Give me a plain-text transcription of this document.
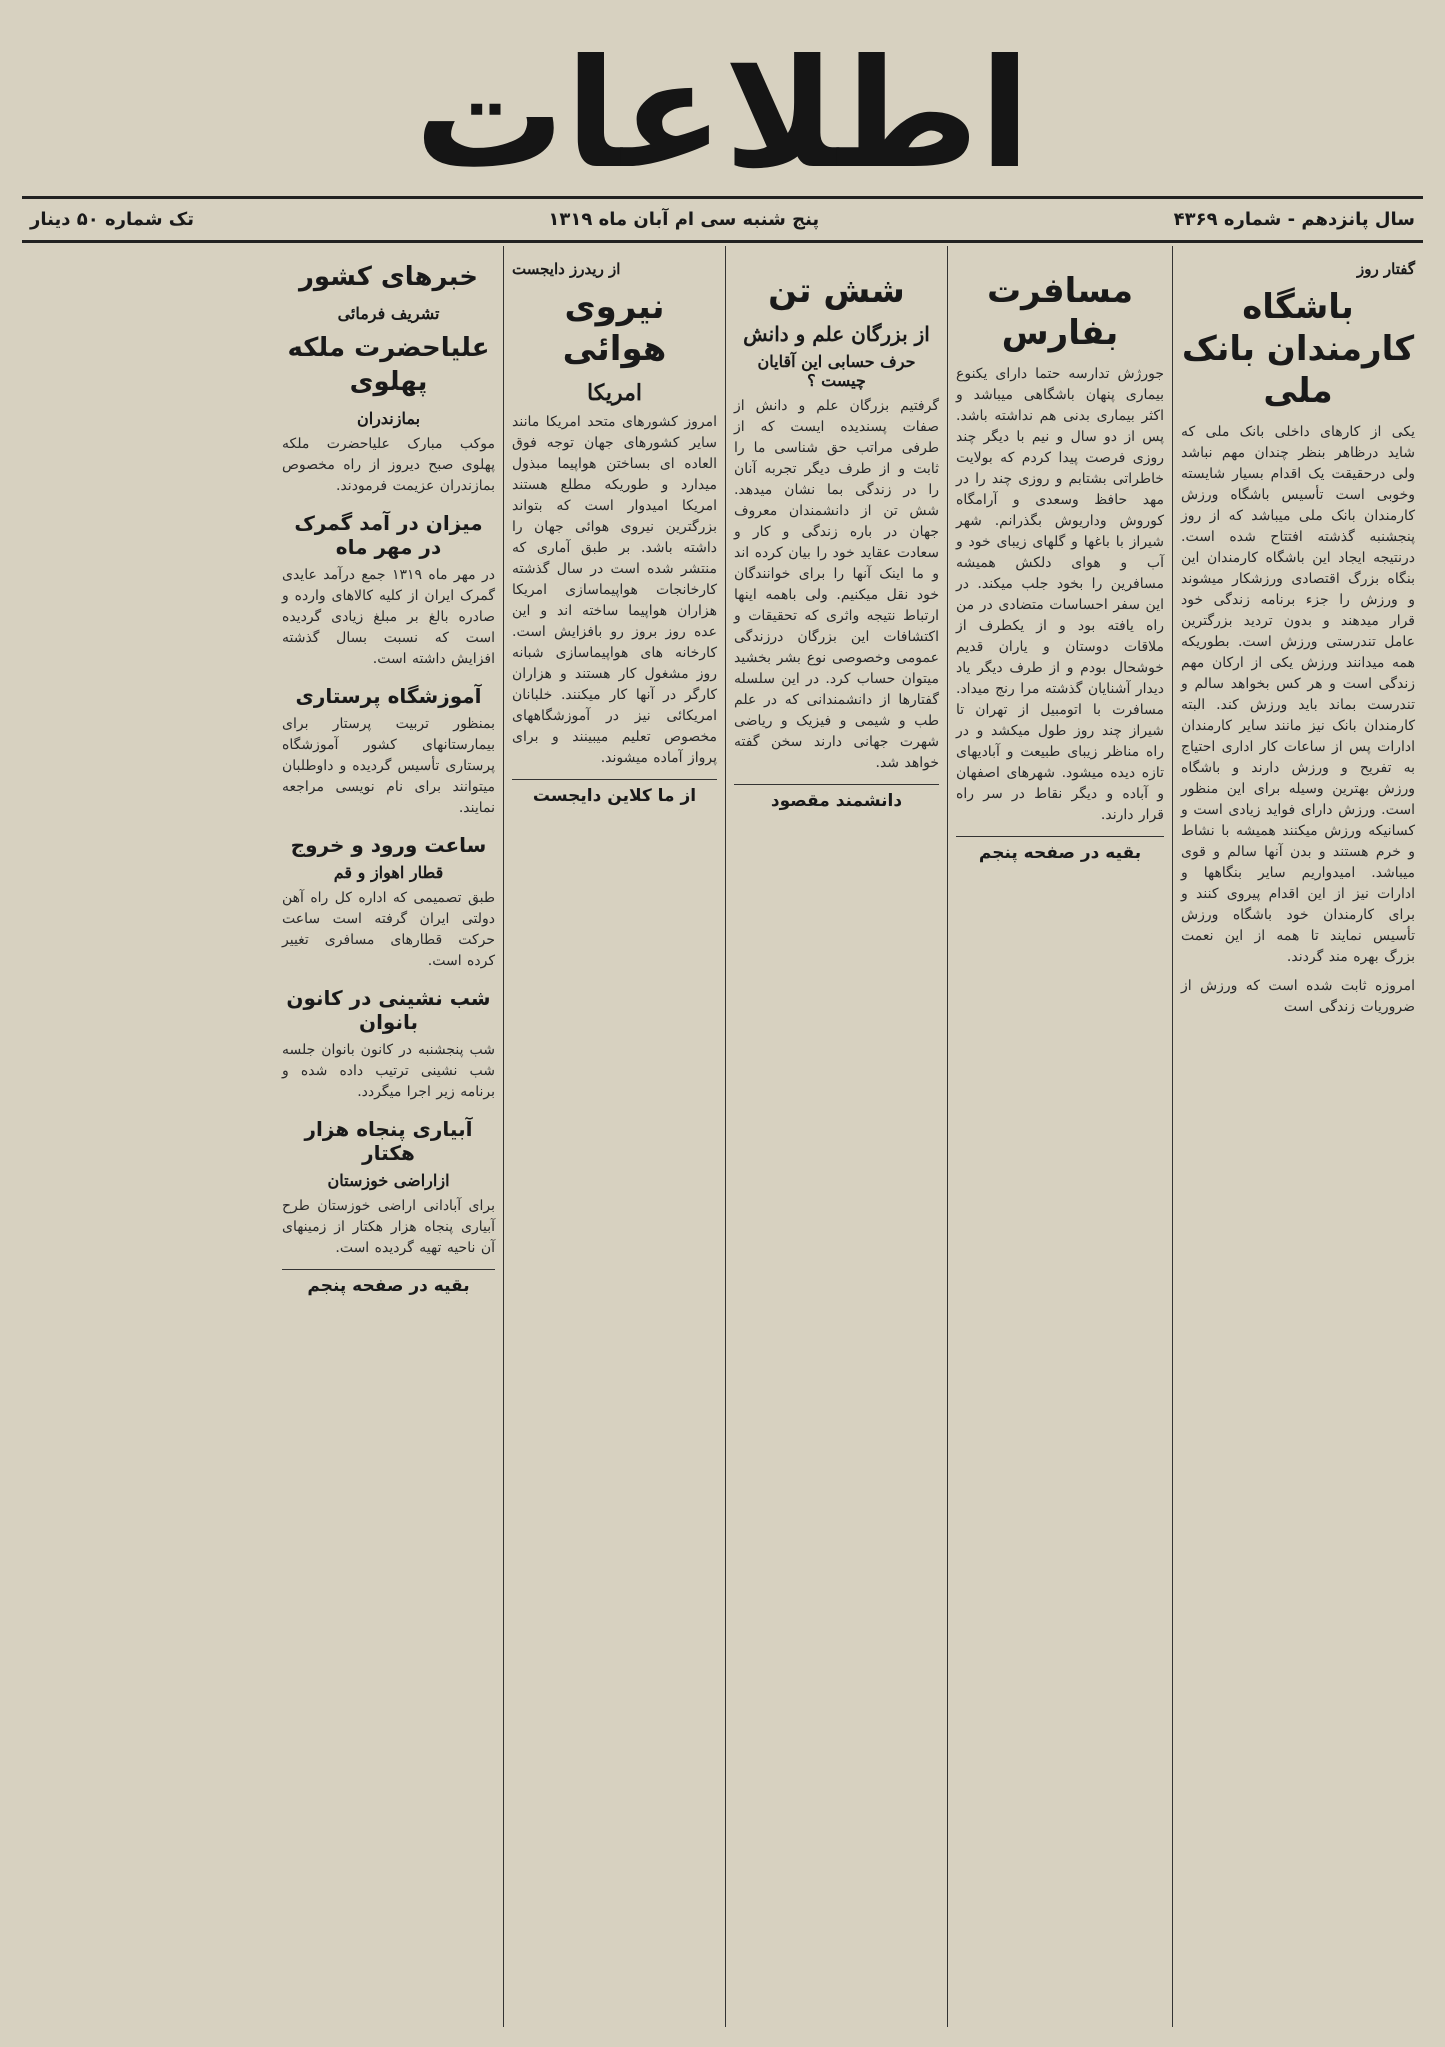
اطلاعات
سال پانزدهم - شماره ۴۳۶۹
پنج شنبه سی ام آبان ماه ۱۳۱۹
تک شماره ۵۰ دینار
گفتار روز
باشگاه کارمندان بانک ملی

یکی از کارهای داخلی بانک ملی که شاید درظاهر بنظر چندان مهم نباشد ولی درحقیقت یک اقدام بسیار شایسته وخوبی است تأسیس باشگاه ورزش کارمندان بانک ملی میباشد که از روز پنجشنبه گذشته افتتاح شده است. درنتیجه ایجاد این باشگاه کارمندان این بنگاه بزرگ اقتصادی ورزشکار میشوند و ورزش را جزء برنامه زندگی خود قرار میدهند و بدون تردید بزرگترین عامل تندرستی ورزش است. بطوریکه همه میدانند ورزش یکی از ارکان مهم زندگی است و هر کس بخواهد سالم و تندرست بماند باید ورزش کند. البته کارمندان بانک نیز مانند سایر کارمندان ادارات پس از ساعات کار اداری احتیاج به تفریح و ورزش دارند و باشگاه ورزش بهترین وسیله برای این منظور است. ورزش دارای فواید زیادی است و کسانیکه ورزش میکنند همیشه با نشاط و خرم هستند و بدن آنها سالم و قوی میباشد. امیدواریم سایر بنگاهها و ادارات نیز از این اقدام پیروی کنند و برای کارمندان خود باشگاه ورزش تأسیس نمایند تا همه از این نعمت بزرگ بهره مند گردند.

امروزه ثابت شده است که ورزش از ضروریات زندگی است

مسافرت بفارس

جورژش تدارسه حتما دارای یکنوع بیماری پنهان باشگاهی میباشد و اکثر بیماری بدنی هم نداشته باشد. پس از دو سال و نیم با دیگر چند روزی فرصت پیدا کردم که بولایت خاطراتی بشتابم و روزی چند را در مهد حافظ وسعدی و آرامگاه کوروش وداریوش بگذرانم. شهر شیراز با باغها و گلهای زیبای خود و آب و هوای دلکش همیشه مسافرین را بخود جلب میکند. در این سفر احساسات متضادی در من راه یافته بود و از یکطرف از ملاقات دوستان و یاران قدیم خوشحال بودم و از طرف دیگر یاد دیدار آشنایان گذشته مرا رنج میداد. مسافرت با اتومبیل از تهران تا شیراز چند روز طول میکشد و در راه مناظر زیبای طبیعت و آبادیهای تازه دیده میشود. شهرهای اصفهان و آباده و دیگر نقاط در سر راه قرار دارند.

بقیه در صفحه پنجم
شش تن
از بزرگان علم و دانش
حرف حسابی این آقایان چیست ؟

گرفتیم بزرگان علم و دانش از صفات پسندیده ایست که از طرفی مراتب حق شناسی ما را ثابت و از طرف دیگر تجربه آنان را در زندگی بما نشان میدهد. شش تن از دانشمندان معروف جهان در باره زندگی و کار و سعادت عقاید خود را بیان کرده اند و ما اینک آنها را برای خوانندگان خود نقل میکنیم. ولی باهمه اینها ارتباط نتیجه واثری که تحقیقات و اکتشافات این بزرگان درزندگی عمومی وخصوصی نوع بشر بخشید میتوان حساب کرد. در این سلسله گفتارها از دانشمندانی که در علم طب و شیمی و فیزیک و ریاضی شهرت جهانی دارند سخن گفته خواهد شد.

دانشمند مقصود
از ریدرز دایجست
نیروی هوائی
امریکا

امروز کشورهای متحد امریکا مانند سایر کشورهای جهان توجه فوق العاده ای بساختن هواپیما مبذول میدارد و طوریکه مطلع هستند امریکا امیدوار است که بتواند بزرگترین نیروی هوائی جهان را داشته باشد. بر طبق آماری که منتشر شده است در سال گذشته کارخانجات هواپیماسازی امریکا هزاران هواپیما ساخته اند و این عده روز بروز رو بافزایش است. کارخانه های هواپیماسازی شبانه روز مشغول کار هستند و هزاران کارگر در آنها کار میکنند. خلبانان امریکائی نیز در آموزشگاههای مخصوص تعلیم میبینند و برای پرواز آماده میشوند.

از ما کلاین دایجست
خبرهای کشور
تشریف فرمائی
علیاحضرت ملکه پهلوی
بمازندران

موکب مبارک علیاحضرت ملکه پهلوی صبح دیروز از راه مخصوص بمازندران عزیمت فرمودند.

میزان در آمد گمرک در مهر ماه

در مهر ماه ۱۳۱۹ جمع درآمد عایدی گمرک ایران از کلیه کالاهای وارده و صادره بالغ بر مبلغ زیادی گردیده است که نسبت بسال گذشته افزایش داشته است.

آموزشگاه پرستاری

بمنظور تربیت پرستار برای بیمارستانهای کشور آموزشگاه پرستاری تأسیس گردیده و داوطلبان میتوانند برای نام نویسی مراجعه نمایند.

ساعت ورود و خروج
قطار اهواز و قم

طبق تصمیمی که اداره کل راه آهن دولتی ایران گرفته است ساعت حرکت قطارهای مسافری تغییر کرده است.

شب نشینی در کانون بانوان

شب پنجشنبه در کانون بانوان جلسه شب نشینی ترتیب داده شده و برنامه زیر اجرا میگردد.

آبیاری پنجاه هزار هکتار
ازاراضی خوزستان

برای آبادانی اراضی خوزستان طرح آبیاری پنجاه هزار هکتار از زمینهای آن ناحیه تهیه گردیده است.

بقیه در صفحه پنجم
